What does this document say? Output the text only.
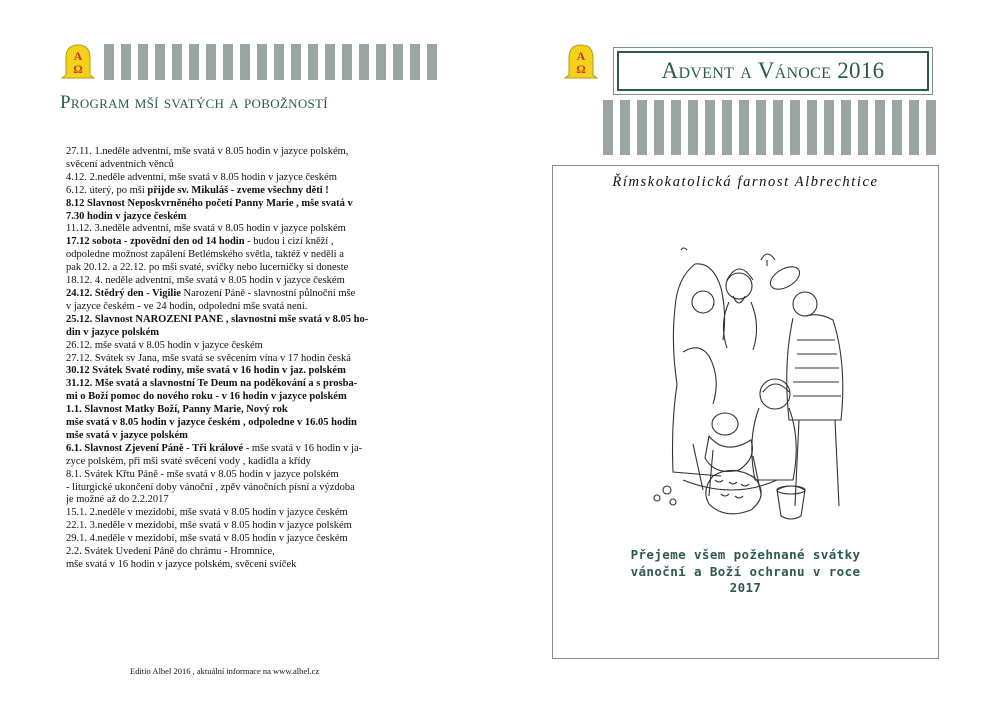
A
Ω
Program mší svatých a pobožností
27.11. 1.neděle adventní, mše svatá v 8.05 hodin v jazyce polském,
svěcení adventních věnců
4.12. 2.neděle adventní, mše svatá v 8.05 hodin v jazyce českém
6.12. úterý, po mši přijde sv. Mikuláš - zveme všechny děti !
8.12 Slavnost Neposkvrněného početí Panny Marie , mše svatá v
7.30 hodin v jazyce českém
11.12. 3.neděle adventní, mše svatá v 8.05 hodin v jazyce polském
17.12 sobota - zpovědní den od 14 hodin - budou i cizí kněží ,
odpoledne možnost zapálení Betlémského světla, taktéž v neděli a
pak 20.12. a 22.12. po mši svaté, svíčky nebo lucerničky si doneste
18.12. 4. neděle adventní, mše svatá v 8.05 hodin v jazyce českém
24.12. Štědrý den - Vigilie Narození Páně - slavnostní půlnoční mše
v jazyce českém - ve 24 hodin, odpolední mše svatá není.
25.12. Slavnost NAROZENÍ PÁNĚ , slavnostní mše svatá v 8.05 ho-
din v jazyce polském
26.12. mše svatá v 8.05 hodin v jazyce českém
27.12. Svátek sv Jana, mše svatá se svěcením vína v 17 hodin česká
30.12 Svátek Svaté rodiny, mše svatá v 16 hodin v jaz. polském
31.12. Mše svatá a slavnostní Te Deum na poděkování a s prosba-
mi o Boží pomoc do nového roku - v 16 hodin v jazyce polském
1.1. Slavnost Matky Boží, Panny Marie, Nový rok
mše svatá v 8.05 hodin v jazyce českém , odpoledne v 16.05 hodin
mše svatá v jazyce polském
6.1. Slavnost Zjevení Páně - Tři králové - mše svatá v 16 hodin v ja-
zyce polském, při mši svaté svěcení vody , kadidla a křídy
8.1. Svátek Křtu Páně - mše svatá v 8.05 hodin v jazyce polském
- liturgické ukončení doby vánoční , zpěv vánočních písní a výzdoba
je možné až do 2.2.2017
15.1. 2.neděle v mezidobí, mše svatá v 8.05 hodin v jazyce českém
22.1. 3.neděle v mezidobí, mše svatá v 8.05 hodin v jazyce polském
29.1. 4.neděle v mezidobí, mše svatá v 8.05 hodin v jazyce českém
2.2. Svátek Uvedení Páně do chrámu - Hromnice,
mše svatá v 16 hodin v jazyce polském, svěcení svíček
Editio Albel 2016 , aktuální informace na www.albel.cz
A
Ω	Advent a Vánoce 2016
Římskokatolická farnost Albrechtice
Přejeme všem požehnané svátky
vánoční a Boží ochranu v roce
2017
